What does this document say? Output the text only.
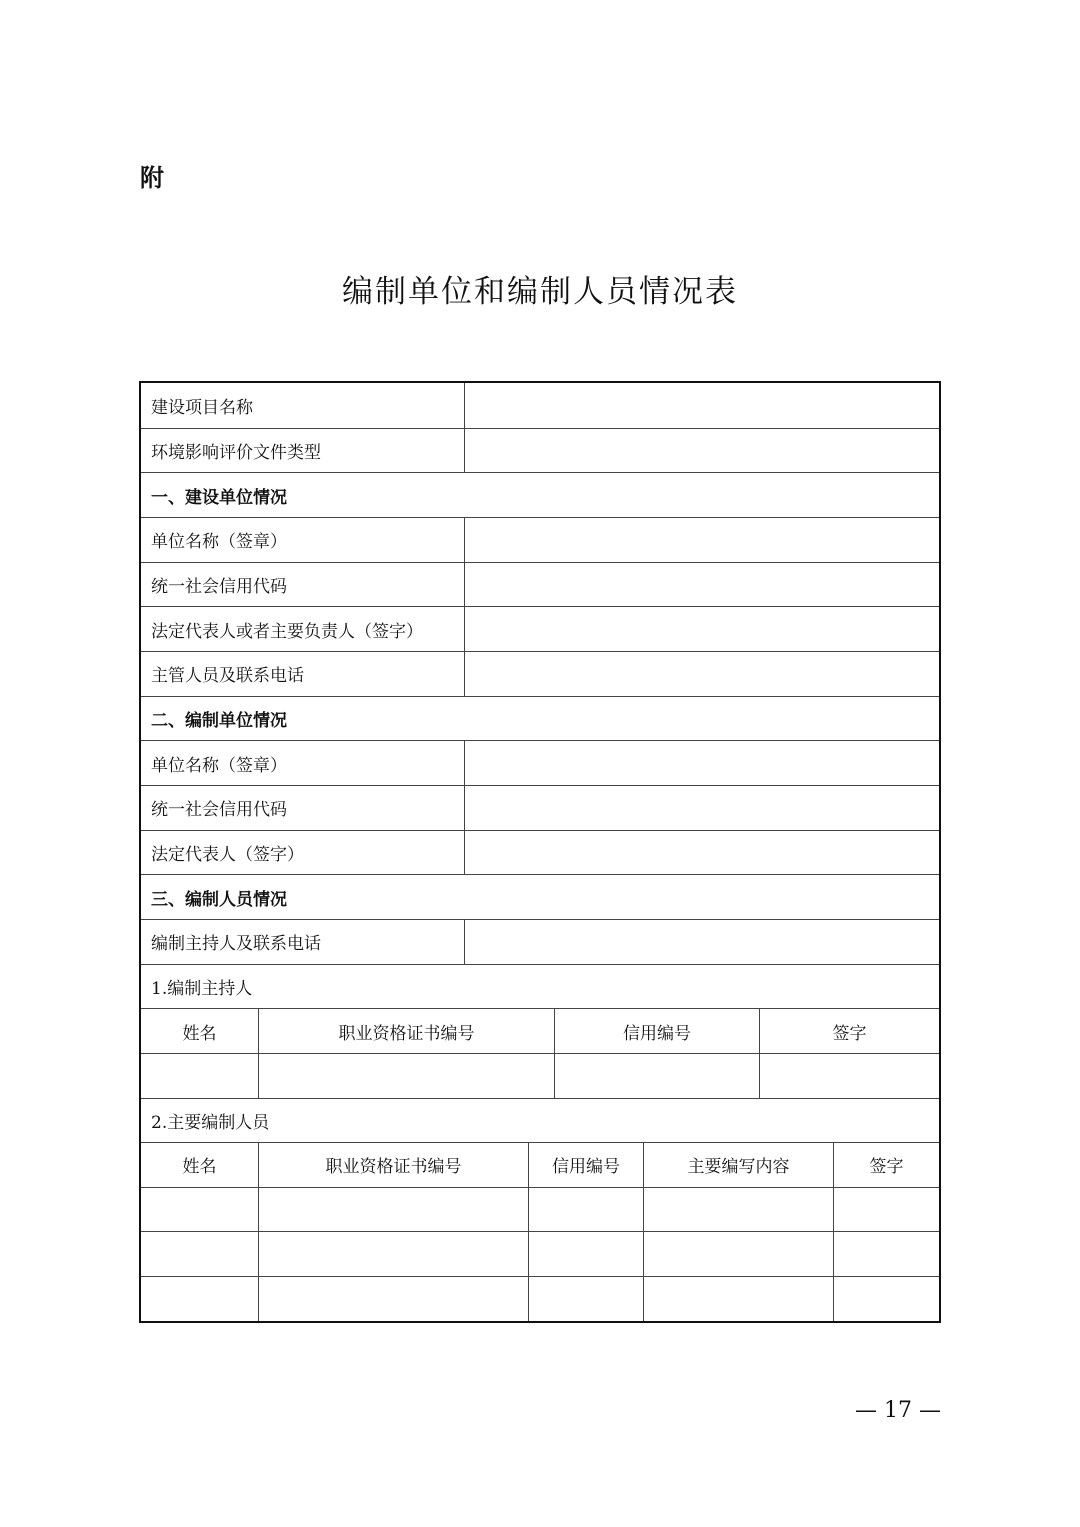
附
编制单位和编制人员情况表
建设项目名称
环境影响评价文件类型
一、建设单位情况
单位名称（签章）
统一社会信用代码
法定代表人或者主要负责人（签字）
主管人员及联系电话
二、编制单位情况
单位名称（签章）
统一社会信用代码
法定代表人（签字）
三、编制人员情况
编制主持人及联系电话
1.编制主持人
姓名	职业资格证书编号	信用编号	签字
2.主要编制人员
姓名	职业资格证书编号	信用编号	主要编写内容	签字
— 17 —
